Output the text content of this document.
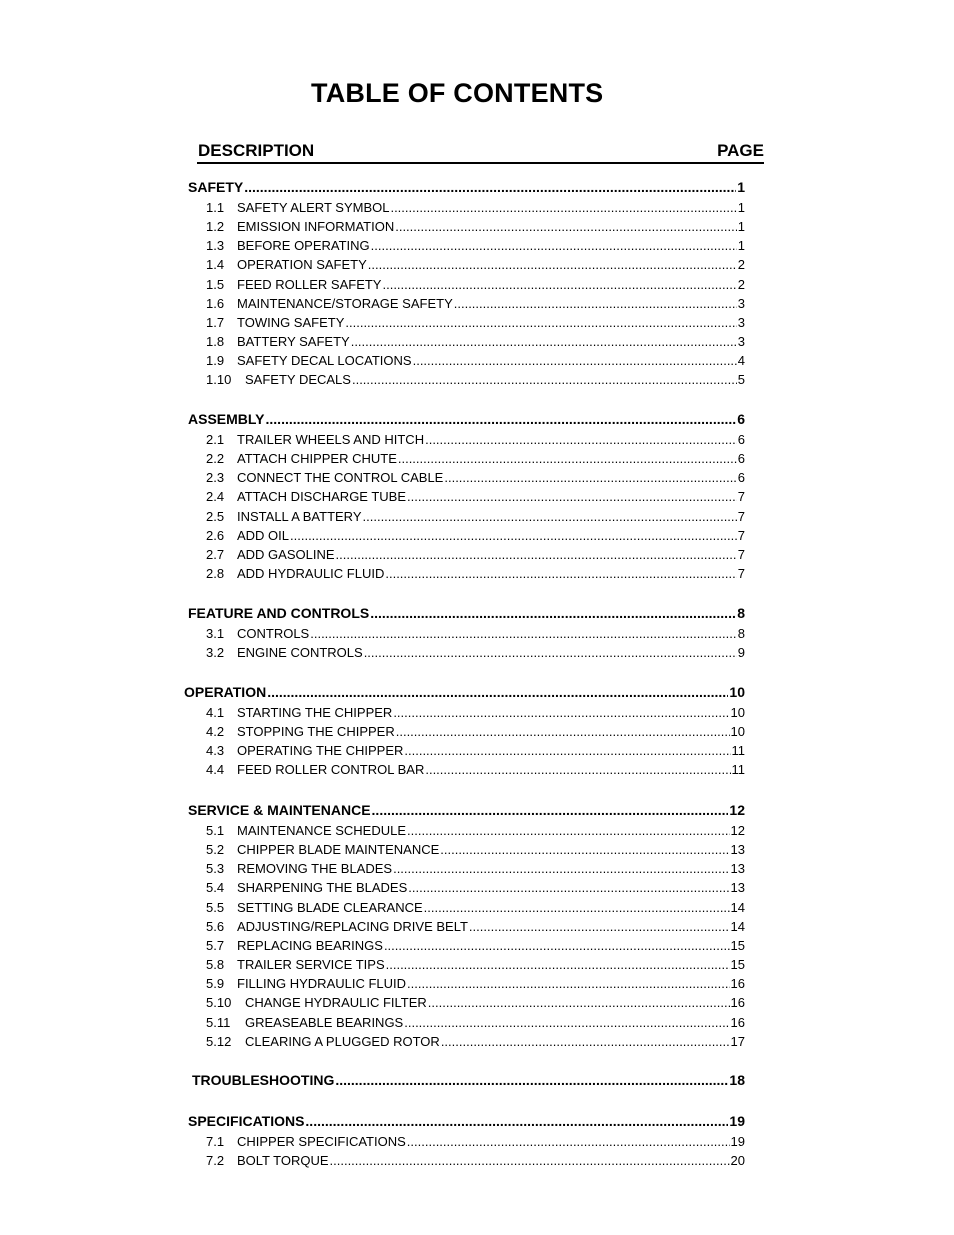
TABLE OF CONTENTS
DESCRIPTION	PAGE
SAFETY .....	1
1.1 SAFETY ALERT SYMBOL .....	1
1.2 EMISSION INFORMATION .....	1
1.3 BEFORE OPERATING .....	1
1.4 OPERATION SAFETY .....	2
1.5 FEED ROLLER SAFETY .....	2
1.6 MAINTENANCE/STORAGE SAFETY .....	3
1.7 TOWING SAFETY .....	3
1.8 BATTERY SAFETY .....	3
1.9 SAFETY DECAL LOCATIONS .....	4
1.10	SAFETY DECALS .....	5
ASSEMBLY .....	6
2.1 TRAILER WHEELS AND HITCH .....	6
2.2 ATTACH CHIPPER CHUTE .....	6
2.3 CONNECT THE CONTROL CABLE .....	6
2.4 ATTACH DISCHARGE TUBE .....	7
2.5 INSTALL A BATTERY .....	7
2.6 ADD OIL .....	7
2.7 ADD GASOLINE .....	7
2.8 ADD HYDRAULIC FLUID .....	7
FEATURE AND CONTROLS .....	8
3.1 CONTROLS .....	8
3.2 ENGINE CONTROLS .....	9
OPERATION .....	10
4.1 STARTING THE CHIPPER .....	10
4.2 STOPPING THE CHIPPER .....	10
4.3 OPERATING THE CHIPPER .....	11
4.4 FEED ROLLER CONTROL BAR .....	11
SERVICE & MAINTENANCE .....	12
5.1 MAINTENANCE SCHEDULE .....	12
5.2 CHIPPER BLADE MAINTENANCE .....	13
5.3 REMOVING THE BLADES .....	13
5.4 SHARPENING THE BLADES .....	13
5.5 SETTING BLADE CLEARANCE .....	14
5.6 ADJUSTING/REPLACING DRIVE BELT .....	14
5.7 REPLACING BEARINGS .....	15
5.8 TRAILER SERVICE TIPS .....	15
5.9 FILLING HYDRAULIC FLUID .....	16
5.10	CHANGE HYDRAULIC FILTER .....	16
5.11	GREASEABLE BEARINGS .....	16
5.12	CLEARING A PLUGGED ROTOR .....	17
TROUBLESHOOTING .....	18
SPECIFICATIONS .....	19
7.1 CHIPPER SPECIFICATIONS .....	19
7.2 BOLT TORQUE .....	20
